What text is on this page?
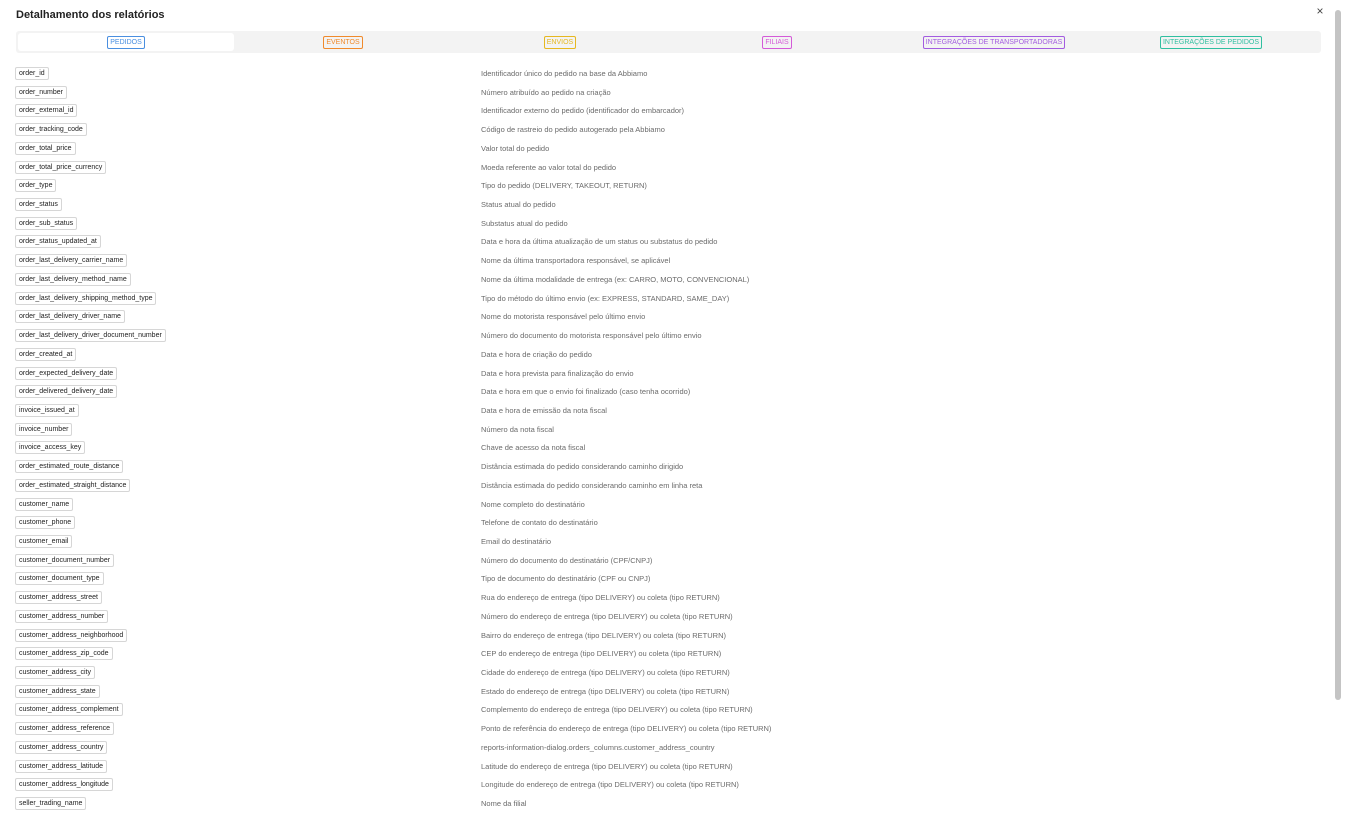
Detalhamento dos relatórios	×
PEDIDOS	EVENTOS	ENVIOS	FILIAIS	INTEGRAÇÕES DE TRANSPORTADORAS	INTEGRAÇÕES DE PEDIDOS
order_id	Identificador único do pedido na base da Abbiamo
order_number	Número atribuído ao pedido na criação
order_external_id	Identificador externo do pedido (identificador do embarcador)
order_tracking_code	Código de rastreio do pedido autogerado pela Abbiamo
order_total_price	Valor total do pedido
order_total_price_currency	Moeda referente ao valor total do pedido
order_type	Tipo do pedido (DELIVERY, TAKEOUT, RETURN)
order_status	Status atual do pedido
order_sub_status	Substatus atual do pedido
order_status_updated_at	Data e hora da última atualização de um status ou substatus do pedido
order_last_delivery_carrier_name	Nome da última transportadora responsável, se aplicável
order_last_delivery_method_name	Nome da última modalidade de entrega (ex: CARRO, MOTO, CONVENCIONAL)
order_last_delivery_shipping_method_type	Tipo do método do último envio (ex: EXPRESS, STANDARD, SAME_DAY)
order_last_delivery_driver_name	Nome do motorista responsável pelo último envio
order_last_delivery_driver_document_number	Número do documento do motorista responsável pelo último envio
order_created_at	Data e hora de criação do pedido
order_expected_delivery_date	Data e hora prevista para finalização do envio
order_delivered_delivery_date	Data e hora em que o envio foi finalizado (caso tenha ocorrido)
invoice_issued_at	Data e hora de emissão da nota fiscal
invoice_number	Número da nota fiscal
invoice_access_key	Chave de acesso da nota fiscal
order_estimated_route_distance	Distância estimada do pedido considerando caminho dirigido
order_estimated_straight_distance	Distância estimada do pedido considerando caminho em linha reta
customer_name	Nome completo do destinatário
customer_phone	Telefone de contato do destinatário
customer_email	Email do destinatário
customer_document_number	Número do documento do destinatário (CPF/CNPJ)
customer_document_type	Tipo de documento do destinatário (CPF ou CNPJ)
customer_address_street	Rua do endereço de entrega (tipo DELIVERY) ou coleta (tipo RETURN)
customer_address_number	Número do endereço de entrega (tipo DELIVERY) ou coleta (tipo RETURN)
customer_address_neighborhood	Bairro do endereço de entrega (tipo DELIVERY) ou coleta (tipo RETURN)
customer_address_zip_code	CEP do endereço de entrega (tipo DELIVERY) ou coleta (tipo RETURN)
customer_address_city	Cidade do endereço de entrega (tipo DELIVERY) ou coleta (tipo RETURN)
customer_address_state	Estado do endereço de entrega (tipo DELIVERY) ou coleta (tipo RETURN)
customer_address_complement	Complemento do endereço de entrega (tipo DELIVERY) ou coleta (tipo RETURN)
customer_address_reference	Ponto de referência do endereço de entrega (tipo DELIVERY) ou coleta (tipo RETURN)
customer_address_country	reports-information-dialog.orders_columns.customer_address_country
customer_address_latitude	Latitude do endereço de entrega (tipo DELIVERY) ou coleta (tipo RETURN)
customer_address_longitude	Longitude do endereço de entrega (tipo DELIVERY) ou coleta (tipo RETURN)
seller_trading_name	Nome da filial
